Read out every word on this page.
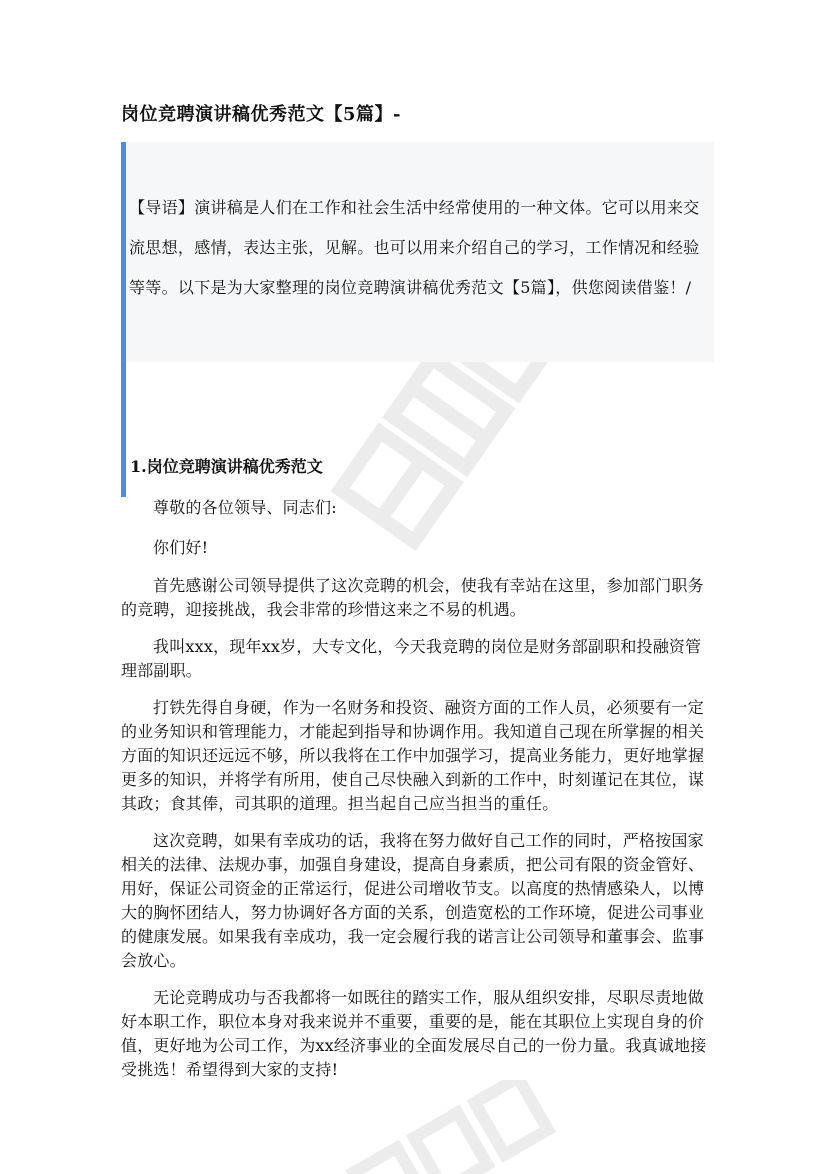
岗位竞聘演讲稿优秀范文【5篇】-

【导语】演讲稿是人们在工作和社会生活中经常使用的一种文体。它可以用来交流思想，感情，表达主张，见解。也可以用来介绍自己的学习，工作情况和经验等等。以下是为大家整理的岗位竞聘演讲稿优秀范文【5篇】，供您阅读借鉴！/

1.岗位竞聘演讲稿优秀范文

尊敬的各位领导、同志们:

你们好!

首先感谢公司领导提供了这次竞聘的机会，使我有幸站在这里，参加部门职务的竞聘，迎接挑战，我会非常的珍惜这来之不易的机遇。

我叫xxx，现年xx岁，大专文化，今天我竞聘的岗位是财务部副职和投融资管理部副职。

打铁先得自身硬，作为一名财务和投资、融资方面的工作人员，必须要有一定的业务知识和管理能力，才能起到指导和协调作用。我知道自己现在所掌握的相关方面的知识还远远不够，所以我将在工作中加强学习，提高业务能力，更好地掌握更多的知识，并将学有所用，使自己尽快融入到新的工作中，时刻谨记在其位，谋其政；食其俸，司其职的道理。担当起自己应当担当的重任。

这次竞聘，如果有幸成功的话，我将在努力做好自己工作的同时，严格按国家相关的法律、法规办事，加强自身建设，提高自身素质，把公司有限的资金管好、用好，保证公司资金的正常运行，促进公司增收节支。以高度的热情感染人，以博大的胸怀团结人，努力协调好各方面的关系，创造宽松的工作环境，促进公司事业的健康发展。如果我有幸成功，我一定会履行我的诺言让公司领导和董事会、监事会放心。

无论竞聘成功与否我都将一如既往的踏实工作，服从组织安排，尽职尽责地做好本职工作，职位本身对我来说并不重要，重要的是，能在其职位上实现自身的价值，更好地为公司工作，为xx经济事业的全面发展尽自己的一份力量。我真诚地接受挑选！希望得到大家的支持!
